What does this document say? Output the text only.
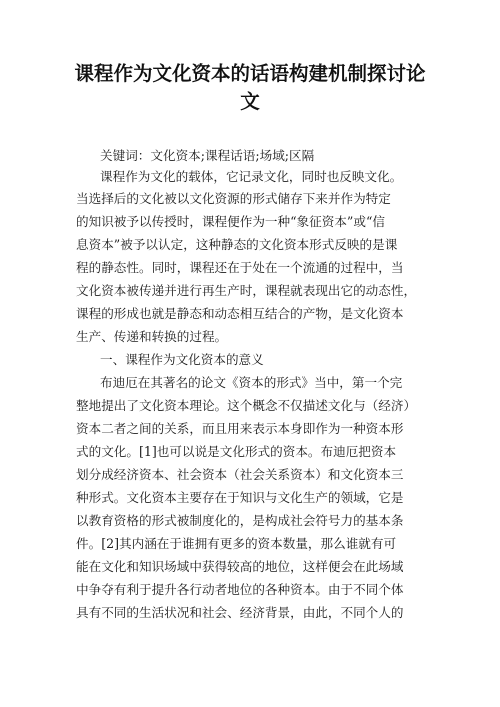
课程作为文化资本的话语构建机制探讨论
文
关键词：文化资本;课程话语;场域;区隔
课程作为文化的载体，它记录文化，同时也反映文化。
当选择后的文化被以文化资源的形式储存下来并作为特定
的知识被予以传授时，课程便作为一种“象征资本”或“信
息资本”被予以认定，这种静态的文化资本形式反映的是课
程的静态性。同时，课程还在于处在一个流通的过程中，当
文化资本被传递并进行再生产时，课程就表现出它的动态性，
课程的形成也就是静态和动态相互结合的产物，是文化资本
生产、传递和转换的过程。
一、课程作为文化资本的意义
布迪厄在其著名的论文《资本的形式》当中，第一个完
整地提出了文化资本理论。这个概念不仅描述文化与（经济）
资本二者之间的关系，而且用来表示本身即作为一种资本形
式的文化。[1]也可以说是文化形式的资本。布迪厄把资本
划分成经济资本、社会资本（社会关系资本）和文化资本三
种形式。文化资本主要存在于知识与文化生产的领域，它是
以教育资格的形式被制度化的，是构成社会符号力的基本条
件。[2]其内涵在于谁拥有更多的资本数量，那么谁就有可
能在文化和知识场域中获得较高的地位，这样便会在此场域
中争夺有利于提升各行动者地位的各种资本。由于不同个体
具有不同的生活状况和社会、经济背景，由此，不同个人的
